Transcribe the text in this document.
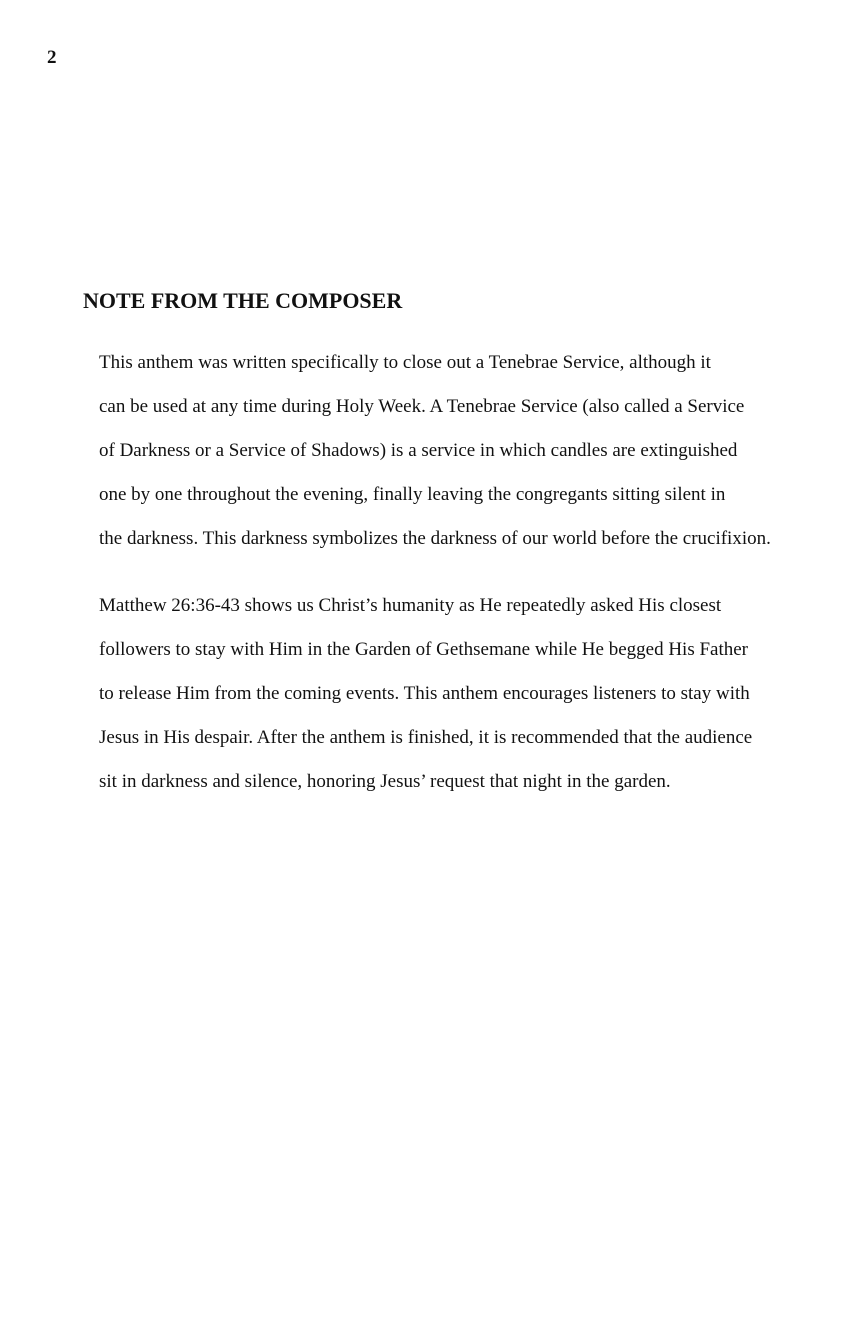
2
NOTE FROM THE COMPOSER
This anthem was written specifically to close out a Tenebrae Service, although it
can be used at any time during Holy Week. A Tenebrae Service (also called a Service
of Darkness or a Service of Shadows) is a service in which candles are extinguished
one by one throughout the evening, finally leaving the congregants sitting silent in
the darkness. This darkness symbolizes the darkness of our world before the crucifixion.
Matthew 26:36-43 shows us Christ’s humanity as He repeatedly asked His closest
followers to stay with Him in the Garden of Gethsemane while He begged His Father
to release Him from the coming events. This anthem encourages listeners to stay with
Jesus in His despair. After the anthem is finished, it is recommended that the audience
sit in darkness and silence, honoring Jesus’ request that night in the garden.
